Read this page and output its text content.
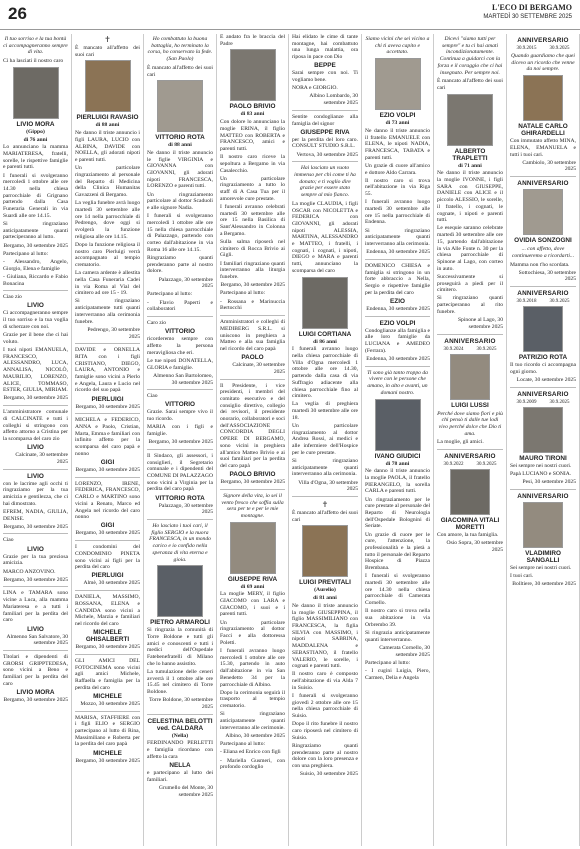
26	L'ECO DI BERGAMO
MARTEDÌ 30 SETTEMBRE 2025
Il tuo sorriso e la tua bontà ci accompagneranno sempre di vita.
Ci ha lasciati il nostro caro
LIVIO MORA
(Gippo)
di 76 anni
Lo annunciano la mamma MARIATERESA, fratelli, sorelle, le rispettive famiglie e parenti tutti.
I funerali si svolgeranno mercoledì 1 ottobre alle ore 14.30 nella chiesa parrocchiale di Grignano partendo dalla Casa Funeraria Generali in via Suardi alle ore 14.15.
Si ringraziano anticipatamente quanti parteciperanno al lutto.
Bergamo, 30 settembre 2025
Partecipano al lutto:
- Alessandro, Angelo, Giorgio, Elena e famiglie
- Giuliana, Riccardo e Fabio Bonacina
Ciao zio
LIVIO
Ci accompagneranno sempre il tuo sorriso e la tua voglia di scherzare con noi.
Grazie per il bene che ci hai voluto.
I tuoi nipoti EMANUELA, FRANCESCO, ALESSANDRO, LUCA, ANNALISA, NICOLÒ, MAURILIO, LORENZO, ALICE, TOMMASO, ESTER, GIULIA, MIRIAM.
Bergamo, 30 settembre 2025
L'amministratore comunale di CALCINATE e tutti i colleghi si stringono con affetto attorno a Cristina per la scomparsa del caro zio
LIVIO
Calcinate, 30 settembre 2025
LIVIO
con le lacrime agli occhi ti ringraziamo per la tua amicizia e gentilezza, che ci hai dimostrato.
EFREM, NADIA, GIULIA, DENISE.
Bergamo, 30 settembre 2025
Ciao
LIVIO
Grazie per la tua preziosa amicizia.
MARCO ANZOVINO.
Bergamo, 30 settembre 2025
LINA e TAMARA sono vicine a Luca, alla mamma Mariateresa e a tutti i familiari per la perdita del caro
LIVIO
Almenno San Salvatore, 30 settembre 2025
Titolari e dipendenti di GRORSI GRIPPTEDESA, sono vicini a Beno e familiari per la perdita del caro
LIVIO MORA
Bergamo, 30 settembre 2025
✝
È mancato all'affetto dei suoi cari
PIERLUIGI RAVASIO
di 88 anni
Ne danno il triste annuncio i figli LAURA, LUCIO con ALBINA, DAVIDE con NOELLA, gli adorati nipoti e parenti tutti.
Un particolare ringraziamento al personale del Reparto di Medicina della Clinica Humanitas Gavazzeni di Bergamo.
La veglia funebre avrà luogo martedì 30 settembre alle ore 14 nella parrocchiale di Pedrengo, dove oggi si svolgerà la funzione religiosa alle ore 14.15.
Dopo la funzione religiosa il nostro caro Pierluigi verrà accompagnato al tempio crematorio.
La camera ardente è allestita nella Casa Funeraria Cadei in via Roma al Vial del cimitero ad ore 15 - 19.
Si ringraziano anticipatamente tutti quanti interverranno alla cerimonia funebre.
Pedrengo, 30 settembre 2025
DAVIDE e ORNELLA RITA con i figli CRISTIANO, DIEGO, LAURA, ANTONIO e famiglie sono vicini a Pierlo e Angela, Laura e Lucio nel ricordo del suo papà
PIERLUIGI
Bergamo, 30 settembre 2025
MICHELA e FEDERICO, ANNA e Paolo, Cristian, Marta, Emma e familiari con infinito affetto per la scomparsa del caro papà e nonno
GIGI
Bergamo, 30 settembre 2025
LORENZO, IRENE, FEDERICA, FRANCESCO, CARLO e MARTINO sono vicini a Renato, Marco ed Angela nel ricordo del caro nonno
GIGI
Bergamo, 30 settembre 2025
I condomini del CONDOMINIO PINETA sono vicini ai figli per la perdita del caro
PIERLUIGI
Almè, 30 settembre 2025
DANIELA, MASSIMO, ROSSANA, ELENA e CANDIDA sono vicini a Michele, Marzia e familiari nel ricordo del caro
MICHELE GHISALBERTI
Bergamo, 30 settembre 2025
GLI AMICI DEL FOTOCINEMA sono vicini agli amici Michele, Raffaella e famiglia per la perdita del caro
MICHELE
Mozzo, 30 settembre 2025
MARISA, STAFFIERE con i figli ELIO e SERGIO partecipano al lutto di Rina, Massimiliano e Roberta per la perdita del caro papà
MICHELE
Bergamo, 30 settembre 2025
Ho combattuto la buona battaglia, ho terminato la corsa, ho conservato la fede. (San Paolo)
È mancato all'affetto dei suoi cari
VITTORIO ROTA
di 88 anni
Ne danno il triste annuncio le figlie VIRGINIA e GIOVANNA con GIOVANNI, gli adorati nipoti FRANCESCA, LORENZO e parenti tutti.
Un ringraziamento particolare al dottor Scaduoli e alle signore Nadia.
I funerali si svolgeranno mercoledì 1 ottobre alle ore 15 nella chiesa parrocchiale di Palazzago, partendo con corteo dall'abitazione in via Roma 16 alle ore 14.15.
Ringraziamo quanti prenderanno parte al nostro dolore.
Palazzago, 30 settembre 2025
Partecipano al lutto:
- Flavio Paperti e collaboratori
Caro zio
VITTORIO
ricorderemo sempre con affetto la persona meravigliosa che eri.
Le tue nipoti DONATELLA, GLORIA e famiglie.
Almenno San Bartolomeo, 30 settembre 2025
Ciao
VITTORIO
Grazie. Sarai sempre vivo il tuo ricordo.
MARIA con i figli e famiglie.
Bergamo, 30 settembre 2025
Il Sindaco, gli assessori, i consiglieri, il Segretario comunale e i dipendenti del COMUNE DI PALAZZAGO sono vicini a Virginia per la perdita del caro papà
VITTORIO ROTA
Palazzago, 30 settembre 2025
Ho lasciato i tuoi cari, il figlio SERGIO e la nuora FRANCESCA, in un mondo carico e io confido nella speranza di vita eterna e gioia.
PIETRO ARMAROLI
Si ringrazia la comunità di Torre Boldone e tutti gli amici e conoscenti e tutti i medici dell'Ospedale Fatebenefratelli di Milano che lo hanno assistito.
La tumulazione delle ceneri avverrà il 1 ottobre alle ore 15.45 nel cimitero di Torre Boldone.
Torre Boldone, 30 settembre 2025
CELESTINA BELOTTI ved. CALDARA
(Nella)
FERDINANDO PERLETTI e famiglia ricordano con affetto la cara
NELLA
e partecipano al lutto dei familiari.
Grumello del Monte, 30 settembre 2025
È andato fra le braccia del Padre
PAOLO BRIVIO
di 83 anni
Con dolore lo annunciano la moglie ERINA, il figlio MATTEO con ROBERTA e FRANCESCO, amici e parenti tutti.
Il nostro caro riceve la sepoltura a Bergamo in via Casalecchio.
Un particolare ringraziamento a tutto lo staff di A Casa Tua per il amorevole cure prestate.
I funerali avranno celebrati martedì 30 settembre alle ore 15 nella Basilica di Sant'Alessandro in Colonna a Bergamo.
Sulla salma riposerà nel cimitero di Rocca Brivio ai Gigli.
I familiari ringraziano quanti interverranno alla liturgia funebre.
Bergamo, 30 settembre 2025
Partecipano al lutto:
- Rossana e Marinuccia Bertocchi
Amministratori e colleghi di MEDIBERG S.R.L. si uniscono in preghiera a Matteo e alla sua famiglia nel ricordo del caro papà
PAOLO
Calcinate, 30 settembre 2025
Il Presidente, i vice presidenti, i membri del comitato esecutivo e del consiglio direttivo, collegio dei revisori, il presidente onorario, collaboratori e soci dell'ASSOCIAZIONE CONCORDIA DEGLI OPERE DI BERGAMO, sono vicini in preghiera all'amico Matteo Brivio e ai suoi familiari per la perdita del caro papà
PAOLO BRIVIO
Bergamo, 30 settembre 2025
Signore della vita, io sei il vento fresco che soffia sulla sera per te e per le mie montagne.
GIUSEPPE RIVA
di 69 anni
La moglie MERY, il figlio GIACOMO con LARA e GIACOMO, i suoi e i parenti tutti.
Un particolare ringraziamento al dottor Facci e alla dottoressa Poletti.
I funerali avranno luogo mercoledì 1 ottobre alle ore 15.30, partendo in auto dall'abitazione in via San Benedetto 34 per la parrocchiale di Albino.
Dopo la cerimonia seguirà il trasporto al tempio crematorio.
Si ringraziano anticipatamente quanti interverranno alle cerimonie.
Albino, 30 settembre 2025
Partecipano al lutto:
- Eliana ed Enrico con figli
- Mariella Gusmeri, con profondo cordoglio
Hai elidato le cime di tante montagne, hai combattuto una lunga malattia, ora riposa in pace con Dio
BEPPE
Sarai sempre con noi. Ti vogliamo bene.
NORA e GIORGIO.
Albino Lombardo, 30 settembre 2025
Sentite condoglianze alla famiglia del signor
GIUSEPPE RIVA
per la perdita del loro caro. CONSULT STUDIO S.R.L.
Vertova, 30 settembre 2025
Hai lasciato un vuoto immenso per chi come ti ha donato; e ti voglio dire grazie per essere stato sempre al mio fianco.
La moglie CLAUDIA, i figli OSCAR con NICOLETTA e FEDERICA con GIOVANNI, gli adorati nipoti ALESSIA, MARTINA, ALESSANDRO e MATTEO, i fratelli, i cognati, i cognati, i nipoti, DIEGO e MARA e parenti tutti, annunciano la scomparsa del caro
LUIGI CORTIANA
di 86 anni
I funerali avranno luogo nella chiesa parrocchiale di Villa d'Ogna mercoledì 1 ottobre alle ore 14.30, partendo dalla casa di via Suffragio adiacente alla chiesa parrocchiale fino al cimitero.
La veglia di preghiera martedì 30 settembre alle ore 18.
Un particolare ringraziamento al dottor Andrea Rossi, ai medici e alle infermiere dell'Hospice per le cure prestate.
Si ringraziano anticipatamente quanti interverranno alla cerimonia.
Villa d'Ogna, 30 settembre 2025
✝
È mancato all'affetto dei suoi cari
LUIGI PREVITALI
(Aurelio)
di 81 anni
Ne danno il triste annuncio la moglie GIUSEPPINA, il figlio MASSIMILIANO con FRANCESCA, la figlia SILVIA con MASSIMO, i nipoti SABRINA, MADDALENA e SEBASTIANO, il fratello VALERIO, le sorelle, i cognati e parenti tutti.
Il nostro caro è composto nell'abitazione di via Alda 7 in Suisio.
I funerali si svolgeranno giovedì 2 ottobre alle ore 15 nella chiesa parrocchiale di Suisio.
Dopo il rito funebre il nostro caro riposerà nel cimitero di Suisio.
Ringraziamo quanti prenderanno parte al nostro dolore con la loro presenza e con una preghiera.
Suisio, 30 settembre 2025
Siamo vicini che sei vicino a chi ti aveva capito e accettato.
EZIO VOLPI
di 73 anni
Ne danno il triste annuncio il fratello EMANUELE con ELENA, le nipoti NADIA, FRANCESCA, TABATA e parenti tutti.
Un grazie di cuore all'amico e dottore Aldo Carrara.
Il nostro caro si trova nell'abitazione in via Riga 55.
I funerali avranno luogo martedì 30 settembre alle ore 15 nella parrocchiale di Endenna.
Si ringraziano anticipatamente quanti interverranno alla cerimonia.
Endenna, 30 settembre 2025
DOMENICO CHIESA e famiglia si stringono in un forte abbraccio a Nella, Sergio e rispettive famiglie per la perdita del caro
EZIO
Endenna, 30 settembre 2025
EZIO VOLPI
Condoglianze alla famiglia e alle loro famiglie da LUCIANA e AMEDEO (Ferrara).
Endenna, 30 settembre 2025
Ti sono già tanto troppo da vivere con le persone che amano, in alto e avanti, un domani nostro.
IVANO GIUDICI
di 78 anni
Ne danno il triste annuncio la moglie PAOLA, il fratello PIERANGELO, la sorella CARLA e parenti tutti.
Un ringraziamento per le cure prestate al personale del Reparto di Neurologia dell'Ospedale Bolognini di Seriate.
Un grazie di cuore per le cure, l'attenzione, la professionalità e la pietà a tutto il personale del Reparto Hospice di Piazza Brembana.
I funerali si svolgeranno martedì 30 settembre alle ore 14.30 nella chiesa parrocchiale di Camerata Cornello.
Il nostro caro si trova nella sua abitazione in via Orbrembo 39.
Si ringrazia anticipatamente quanti interverranno.
Camerata Cornello, 30 settembre 2025
Partecipano al lutto:
- I cugini Luigia, Piero, Carmen, Delia e Angela
Dicevi "siamo tutti per sempre" e tu ci hai amati incondizionatamente. Continua a guidarci con la forza e il coraggio che ci hai insegnato. Per sempre noi.
È mancato all'affetto dei suoi cari
ALBERTO TRAPLETTI
di 71 anni
Ne danno il triste annuncio la moglie IVONNE, i figli SARA con GIUSEPPE, DANIELE con ALICE e il piccolo ALESSIO, le sorelle, il fratello, i cognati, le cognate, i nipoti e parenti tutti.
Le esequie saranno celebrate martedì 30 settembre alle ore 15, partendo dall'abitazione in via Alle Fonte n. 30 per la chiesa parrocchiale di Spinone al Lago, con corteo in auto.
Successivamente si proseguirà a piedi per il cimitero.
Si ringraziano quanti parteciperanno al rito funebre.
Spinone al Lago, 30 settembre 2025
ANNIVERSARIO
30.9.2024	30.9.2025
LUIGI LUSSI
Perché dove siamo fiori e più chi pensò ti dalle tue lodi vivo perché dolce che Dio ti ama.
La moglie, gli amici.
ANNIVERSARIO
30.9.2022	30.9.2025
GIACOMINA VITALI MORETTI
Con amore, la tua famiglia.
Osio Sopra, 30 settembre 2025
ANNIVERSARIO
30.9.2015	30.9.2025
Quando guardiamo che quei dicevo un ricordo che venne da noi sempre.
NATALE CARLO GHIRARDELLI
Con immutato affetto MINA, ELENA, EMANUELA e tutti i tuoi cari.
Cambiolo, 30 settembre 2025
ANNIVERSARIO
OVIDIA SONZOGNI
... con affetto, dove continueremo a ricordarti...
Mamma non t'ho scordata.
Sottochiesa, 30 settembre 2025
ANNIVERSARIO
30.9.2018	30.9.2025
PATRIZIO ROTA
Il tuo ricordo ci accompagna ogni giorno.
Locate, 30 settembre 2025
ANNIVERSARIO
30.9.2009	30.9.2025
MAURO TIRONI
Sei sempre nei nostri cuori.
Papà LUCIANO e SONIA.
Pesi, 30 settembre 2025
ANNIVERSARIO
VLADIMIRO SANGALLI
Sei sempre nei nostri cuori.
I tuoi cari.
Bolltiere, 30 settembre 2025
